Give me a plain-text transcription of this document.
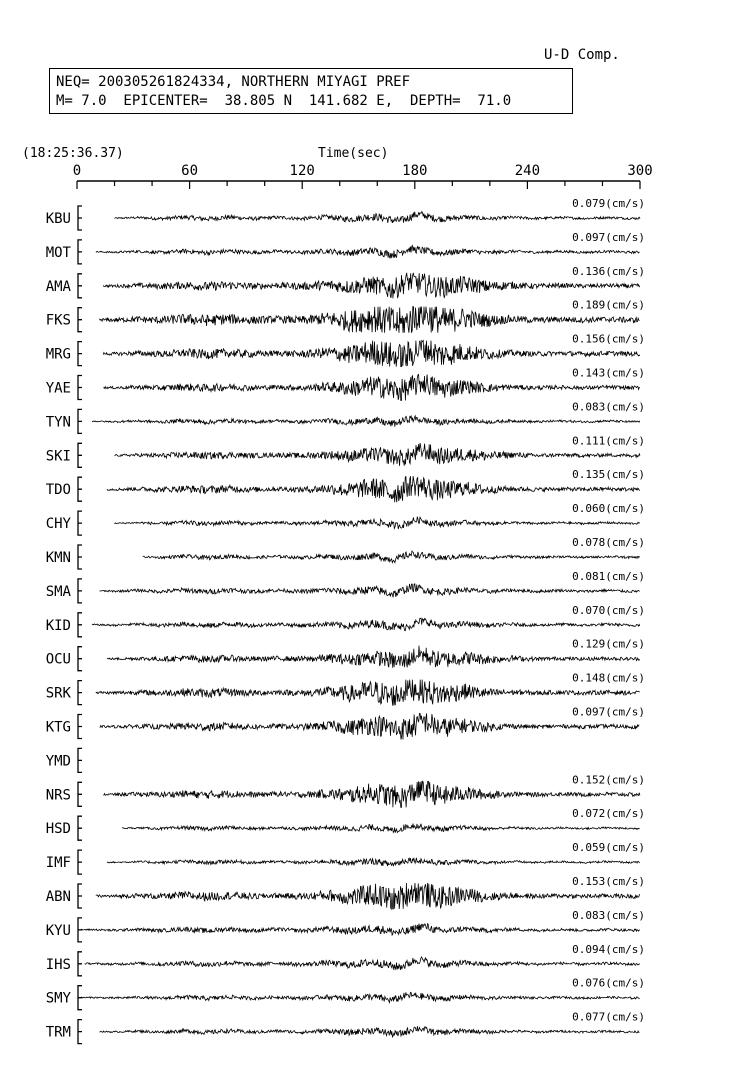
U-D Comp.

NEQ= 200305261824334, NORTHERN MIYAGI PREF

M= 7.0  EPICENTER=  38.805 N  141.682 E,  DEPTH=  71.0

(18:25:36.37)	Time(sec)
0	60	120	180	240	300
KBU
0.079(cm/s)
MOT
0.097(cm/s)
AMA
0.136(cm/s)
FKS
0.189(cm/s)
MRG
0.156(cm/s)
YAE
0.143(cm/s)
TYN
0.083(cm/s)
SKI
0.111(cm/s)
TDO
0.135(cm/s)
CHY
0.060(cm/s)
KMN
0.078(cm/s)
SMA
0.081(cm/s)
KID
0.070(cm/s)
OCU
0.129(cm/s)
SRK
0.148(cm/s)
KTG
0.097(cm/s)
YMD
NRS
0.152(cm/s)
HSD
0.072(cm/s)
IMF
0.059(cm/s)
ABN
0.153(cm/s)
KYU
0.083(cm/s)
IHS
0.094(cm/s)
SMY
0.076(cm/s)
TRM
0.077(cm/s)
